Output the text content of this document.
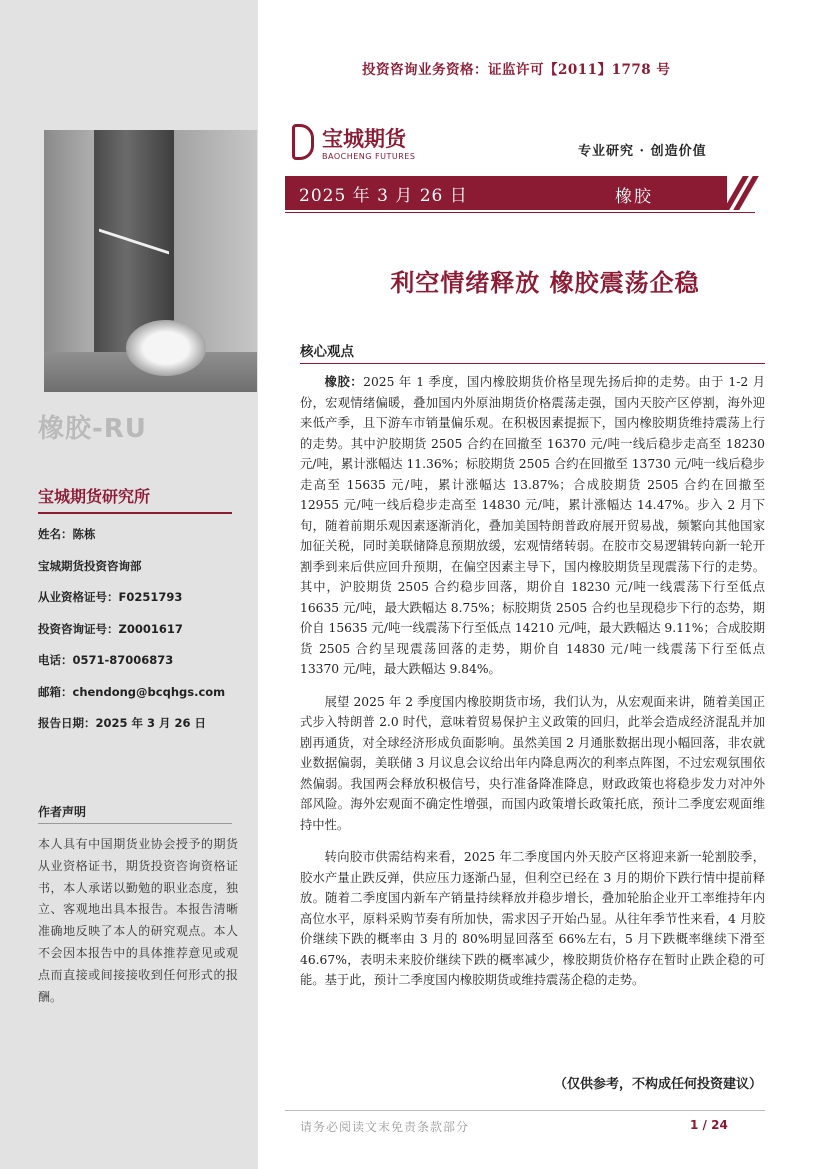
橡胶-RU
宝城期货研究所
姓名：陈栋
宝城期货投资咨询部
从业资格证号：F0251793
投资咨询证号：Z0001617
电话：0571-87006873
邮箱：chendong@bcqhgs.com
报告日期：2025 年 3 月 26 日
作者声明

本人具有中国期货业协会授予的期货从业资格证书，期货投资咨询资格证书，本人承诺以勤勉的职业态度，独立、客观地出具本报告。本报告清晰准确地反映了本人的研究观点。本人不会因本报告中的具体推荐意见或观点而直接或间接接收到任何形式的报酬。

投资咨询业务资格：证监许可【2011】1778 号

宝城期货
BAOCHENG FUTURES	专业研究 · 创造价值

2025 年 3 月 26 日	橡胶
利空情绪释放 橡胶震荡企稳
核心观点

橡胶：2025 年 1 季度，国内橡胶期货价格呈现先扬后抑的走势。由于 1-2 月份，宏观情绪偏暖，叠加国内外原油期货价格震荡走强，国内天胶产区停割，海外迎来低产季，且下游车市销量偏乐观。在积极因素提振下，国内橡胶期货维持震荡上行的走势。其中沪胶期货 2505 合约在回撤至 16370 元/吨一线后稳步走高至 18230 元/吨，累计涨幅达 11.36%；标胶期货 2505 合约在回撤至 13730 元/吨一线后稳步走高至 15635 元/吨，累计涨幅达 13.87%；合成胶期货 2505 合约在回撤至 12955 元/吨一线后稳步走高至 14830 元/吨，累计涨幅达 14.47%。步入 2 月下旬，随着前期乐观因素逐渐消化，叠加美国特朗普政府展开贸易战，频繁向其他国家加征关税，同时美联储降息预期放缓，宏观情绪转弱。在胶市交易逻辑转向新一轮开割季到来后供应回升预期，在偏空因素主导下，国内橡胶期货呈现震荡下行的走势。其中，沪胶期货 2505 合约稳步回落，期价自 18230 元/吨一线震荡下行至低点 16635 元/吨，最大跌幅达 8.75%；标胶期货 2505 合约也呈现稳步下行的态势，期价自 15635 元/吨一线震荡下行至低点 14210 元/吨，最大跌幅达 9.11%；合成胶期货 2505 合约呈现震荡回落的走势，期价自 14830 元/吨一线震荡下行至低点 13370 元/吨，最大跌幅达 9.84%。

展望 2025 年 2 季度国内橡胶期货市场，我们认为，从宏观面来讲，随着美国正式步入特朗普 2.0 时代，意味着贸易保护主义政策的回归，此举会造成经济混乱并加剧再通货，对全球经济形成负面影响。虽然美国 2 月通胀数据出现小幅回落，非农就业数据偏弱，美联储 3 月议息会议给出年内降息两次的利率点阵图，不过宏观氛围依然偏弱。我国两会释放积极信号，央行准备降准降息，财政政策也将稳步发力对冲外部风险。海外宏观面不确定性增强，而国内政策增长政策托底，预计二季度宏观面维持中性。

转向胶市供需结构来看，2025 年二季度国内外天胶产区将迎来新一轮割胶季，胶水产量止跌反弹，供应压力逐渐凸显，但利空已经在 3 月的期价下跌行情中提前释放。随着二季度国内新车产销量持续释放并稳步增长，叠加轮胎企业开工率维持年内高位水平，原料采购节奏有所加快，需求因子开始凸显。从往年季节性来看，4 月胶价继续下跌的概率由 3 月的 80%明显回落至 66%左右，5 月下跌概率继续下滑至 46.67%，表明未来胶价继续下跌的概率减少，橡胶期货价格存在暂时止跌企稳的可能。基于此，预计二季度国内橡胶期货或维持震荡企稳的走势。

（仅供参考，不构成任何投资建议）

请务必阅读文末免责条款部分	1 / 24
